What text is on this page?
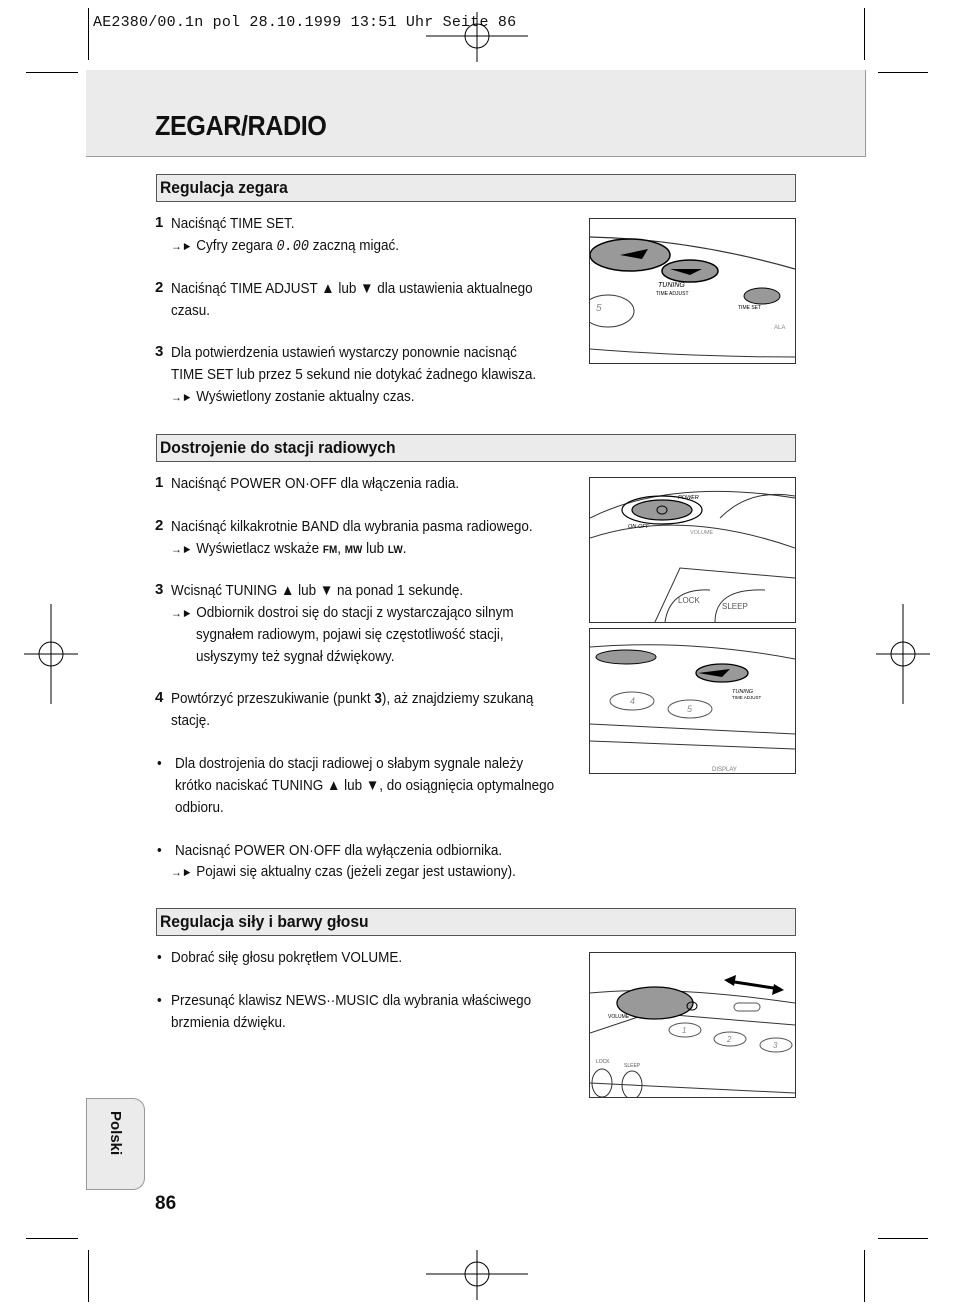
AE2380/00.1n pol 28.10.1999 13:51 Uhr Seite 86
ZEGAR/RADIO
Regulacja zegara
1 Naciśnąć TIME SET.
→► Cyfry zegara 0.00 zaczną migać.
2 Naciśnąć TIME ADJUST ▲ lub ▼ dla ustawienia aktualnego
czasu.
3 Dla potwierdzenia ustawień wystarczy ponownie nacisnąć
TIME SET lub przez 5 sekund nie dotykać żadnego klawisza.
→► Wyświetlony zostanie aktualny czas.
TUNING
TIME ADJUST
TIME SET
5
ALA
Dostrojenie do stacji radiowych
1 Naciśnąć POWER ON·OFF dla włączenia radia.
2 Naciśnąć kilkakrotnie BAND dla wybrania pasma radiowego.
→► Wyświetlacz wskaże FM, MW lub LW.
3 Wcisnąć TUNING ▲ lub ▼ na ponad 1 sekundę.
→► Odbiornik dostroi się do stacji z wystarczająco silnym
sygnałem radiowym, pojawi się częstotliwość stacji,
usłyszymy też sygnał dźwiękowy.
4 Powtórzyć przeszukiwanie (punkt 3), aż znajdziemy szukaną
stację.
• Dla dostrojenia do stacji radiowej o słabym sygnale należy
krótko naciskać TUNING ▲ lub ▼, do osiągnięcia optymalnego
odbioru.
• Nacisnąć POWER ON·OFF dla wyłączenia odbiornika.
→► Pojawi się aktualny czas (jeżeli zegar jest ustawiony).
POWER
ON·OFF
VOLUME
LOCK
SLEEP
TUNING
TIME ADJUST
4
5
DISPLAY
Regulacja siły i barwy głosu
• Dobrać siłę głosu pokrętłem VOLUME.
• Przesunąć klawisz NEWS··MUSIC dla wybrania właściwego
brzmienia dźwięku.	VOLUME
1
2
3
LOCK
SLEEP
Polski
86
